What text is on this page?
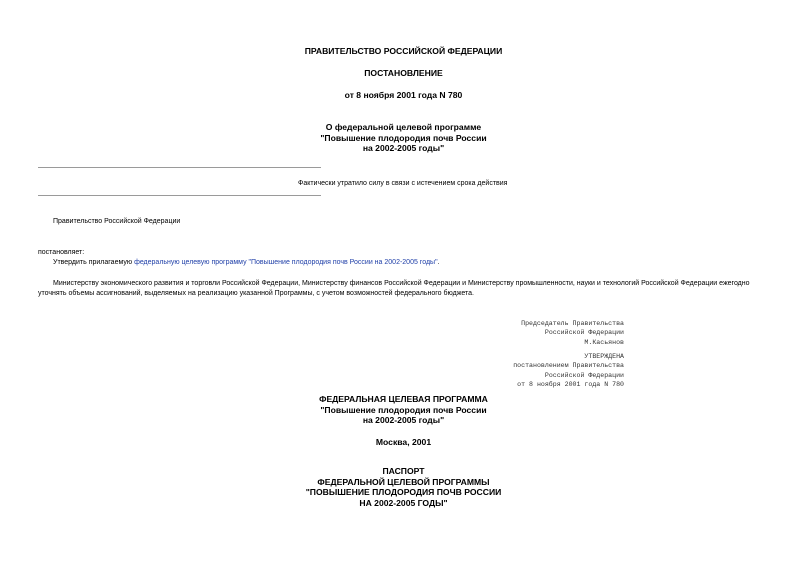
ПРАВИТЕЛЬСТВО РОССИЙСКОЙ ФЕДЕРАЦИИ
ПОСТАНОВЛЕНИЕ
от 8 ноября 2001 года N 780
О федеральной целевой программе
"Повышение плодородия почв России
на 2002-2005 годы"
Фактически утратило силу в связи с истечением срока действия
Правительство Российской Федерации
постановляет:
Утвердить прилагаемую федеральную целевую программу "Повышение плодородия почв России на 2002-2005 годы".
Министерству экономического развития и торговли Российской Федерации, Министерству финансов Российской Федерации и Министерству промышленности, науки и технологий Российской Федерации ежегодно
уточнять объемы ассигнований, выделяемых на реализацию указанной Программы, с учетом возможностей федерального бюджета.
Председатель Правительства
Российской Федерации
М.Касьянов
УТВЕРЖДЕНА
постановлением Правительства
Российской Федерации
от 8 ноября 2001 года N 780
ФЕДЕРАЛЬНАЯ ЦЕЛЕВАЯ ПРОГРАММА
"Повышение плодородия почв России
на 2002-2005 годы"
Москва, 2001
ПАСПОРТ
ФЕДЕРАЛЬНОЙ ЦЕЛЕВОЙ ПРОГРАММЫ
"ПОВЫШЕНИЕ ПЛОДОРОДИЯ ПОЧВ РОССИИ
НА 2002-2005 ГОДЫ"
